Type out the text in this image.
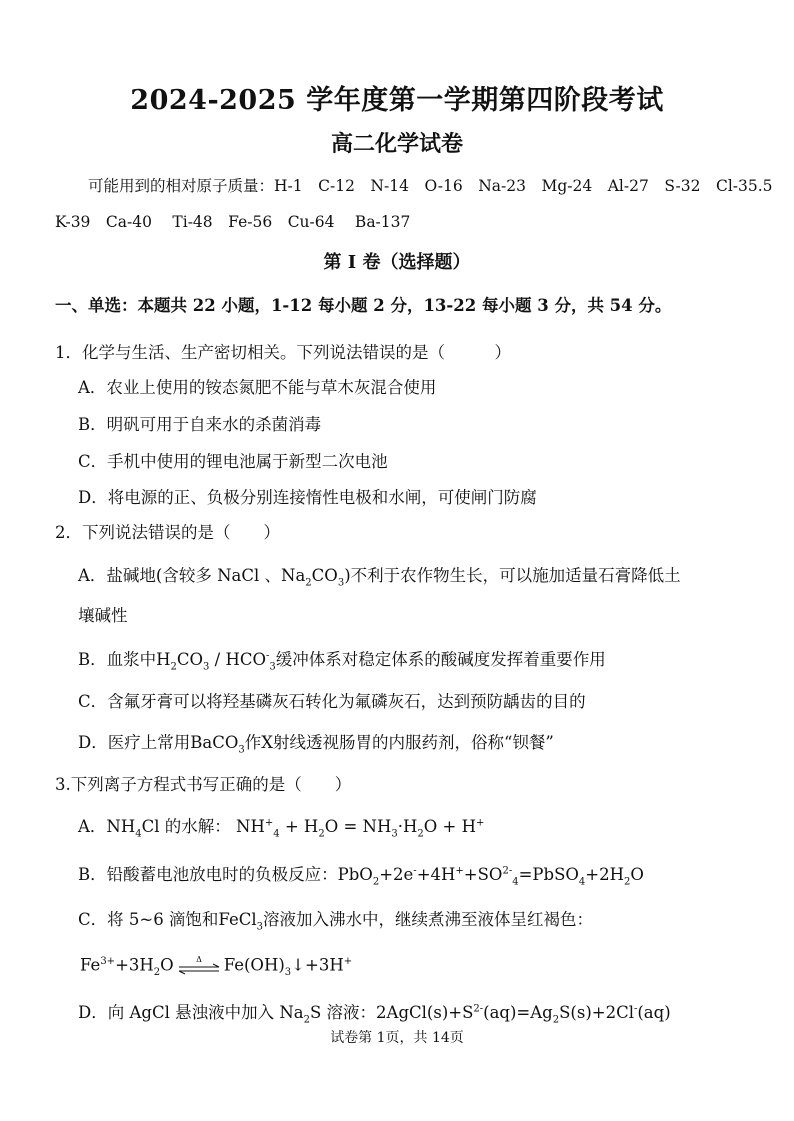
2024-2025 学年度第一学期第四阶段考试
高二化学试卷
可能用到的相对原子质量：H-1　C-12　N-14　O-16　Na-23　Mg-24　Al-27　S-32　Cl-35.5
K-39　Ca-40　 Ti-48　Fe-56　Cu-64　 Ba-137
第 I 卷（选择题）
一、单选：本题共 22 小题，1-12 每小题 2 分，13-22 每小题 3 分，共 54 分。
1．化学与生活、生产密切相关。下列说法错误的是（　　　）
A．农业上使用的铵态氮肥不能与草木灰混合使用
B．明矾可用于自来水的杀菌消毒
C．手机中使用的锂电池属于新型二次电池
D．将电源的正、负极分别连接惰性电极和水闸，可使闸门防腐
2．下列说法错误的是（　　）
A．盐碱地(含较多 NaCl 、$Na_2CO_3$)不利于农作物生长，可以施加适量石膏降低土
壤碱性
B．血浆中$H_2CO_3 / HCO^-_3$缓冲体系对稳定体系的酸碱度发挥着重要作用
C．含氟牙膏可以将羟基磷灰石转化为氟磷灰石，达到预防龋齿的目的
D．医疗上常用BaCO$_3$作X射线透视肠胃的内服药剂，俗称“钡餐”
3.下列离子方程式书写正确的是（　　）
A．$NH_4Cl$ 的水解： $NH^+_4 + H_2O = NH_3\cdot H_2O + H^+$
B．铅酸蓄电池放电时的负极反应：$PbO_2+2e^-+4H^++SO^{2-}_4=PbSO_4+2H_2O$
C．将 5~6 滴饱和FeCl$_3$溶液加入沸水中，继续煮沸至液体呈红褐色：
$Fe^{3+}+3H_2O$	Δ $Fe(OH)_3↓+3H^+$
D．向 AgCl 悬浊液中加入 $Na_2S$ 溶液：$2AgCl(s)+S^{2-}(aq)=Ag_2S(s)+2Cl^-(aq)$
试卷第 1页，共 14页
